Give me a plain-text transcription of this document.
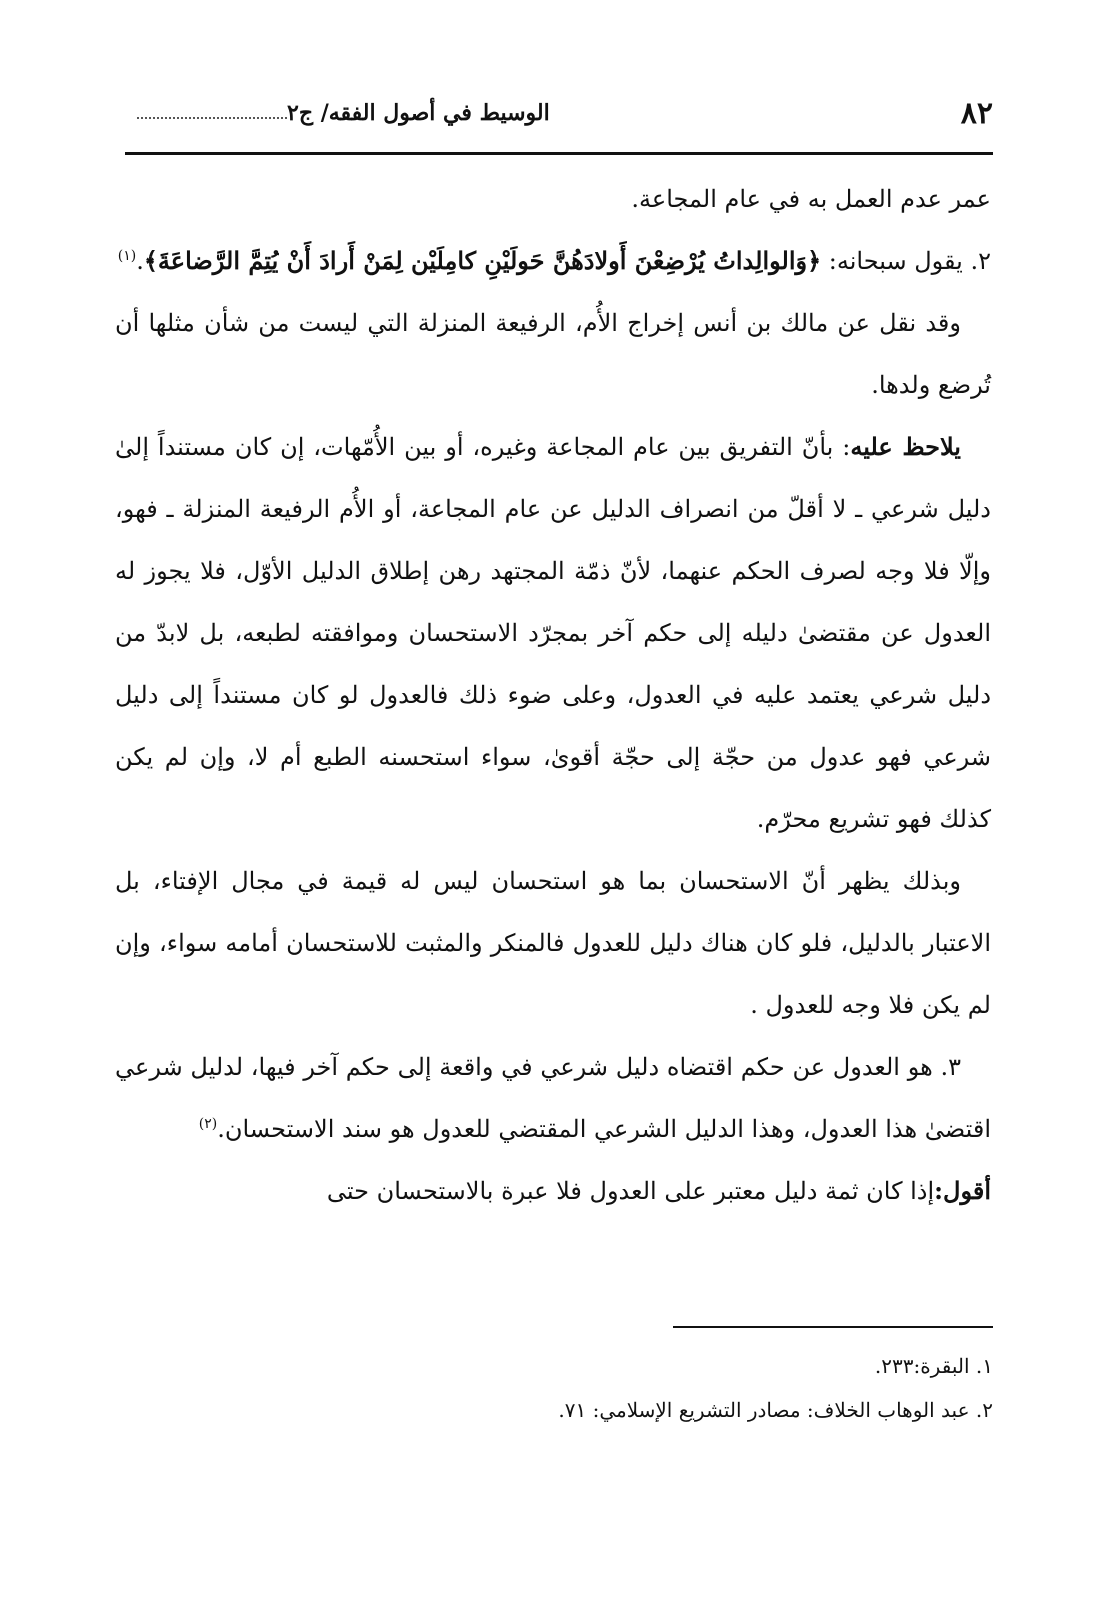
٨٢
الوسيط في أصول الفقه/ ج٢

عمر عدم العمل به في عام المجاعة.

٢. يقول سبحانه: ﴿وَالوالِداتُ يُرْضِعْنَ أَولادَهُنَّ حَولَيْنِ كامِلَيْن لِمَنْ أَرادَ أَنْ يُتِمَّ الرَّضاعَةَ﴾.$^{(١)}$

وقد نقل عن مالك بن أنس إخراج الأُم، الرفيعة المنزلة التي ليست من شأن مثلها أن تُرضع ولدها.

يلاحظ عليه: بأنّ التفريق بين عام المجاعة وغيره، أو بين الأُمّهات، إن كان مستنداً إلىٰ دليل شرعي ـ لا أقلّ من انصراف الدليل عن عام المجاعة، أو الأُم الرفيعة المنزلة ـ فهو، وإلّا فلا وجه لصرف الحكم عنهما، لأنّ ذمّة المجتهد رهن إطلاق الدليل الأوّل، فلا يجوز له العدول عن مقتضىٰ دليله إلى حكم آخر بمجرّد الاستحسان وموافقته لطبعه، بل لابدّ من دليل شرعي يعتمد عليه في العدول، وعلى ضوء ذلك فالعدول لو كان مستنداً إلى دليل شرعي فهو عدول من حجّة إلى حجّة أقوىٰ، سواء استحسنه الطبع أم لا، وإن لم يكن كذلك فهو تشريع محرّم.

وبذلك يظهر أنّ الاستحسان بما هو استحسان ليس له قيمة في مجال الإفتاء، بل الاعتبار بالدليل، فلو كان هناك دليل للعدول فالمنكر والمثبت للاستحسان أمامه سواء، وإن لم يكن فلا وجه للعدول .

٣. هو العدول عن حكم اقتضاه دليل شرعي في واقعة إلى حكم آخر فيها، لدليل شرعي اقتضىٰ هذا العدول، وهذا الدليل الشرعي المقتضي للعدول هو سند الاستحسان.$^{(٢)}$

أقول:إذا كان ثمة دليل معتبر على العدول فلا عبرة بالاستحسان حتى

١. البقرة:٢٣٣.

٢. عبد الوهاب الخلاف: مصادر التشريع الإسلامي: ٧١.
